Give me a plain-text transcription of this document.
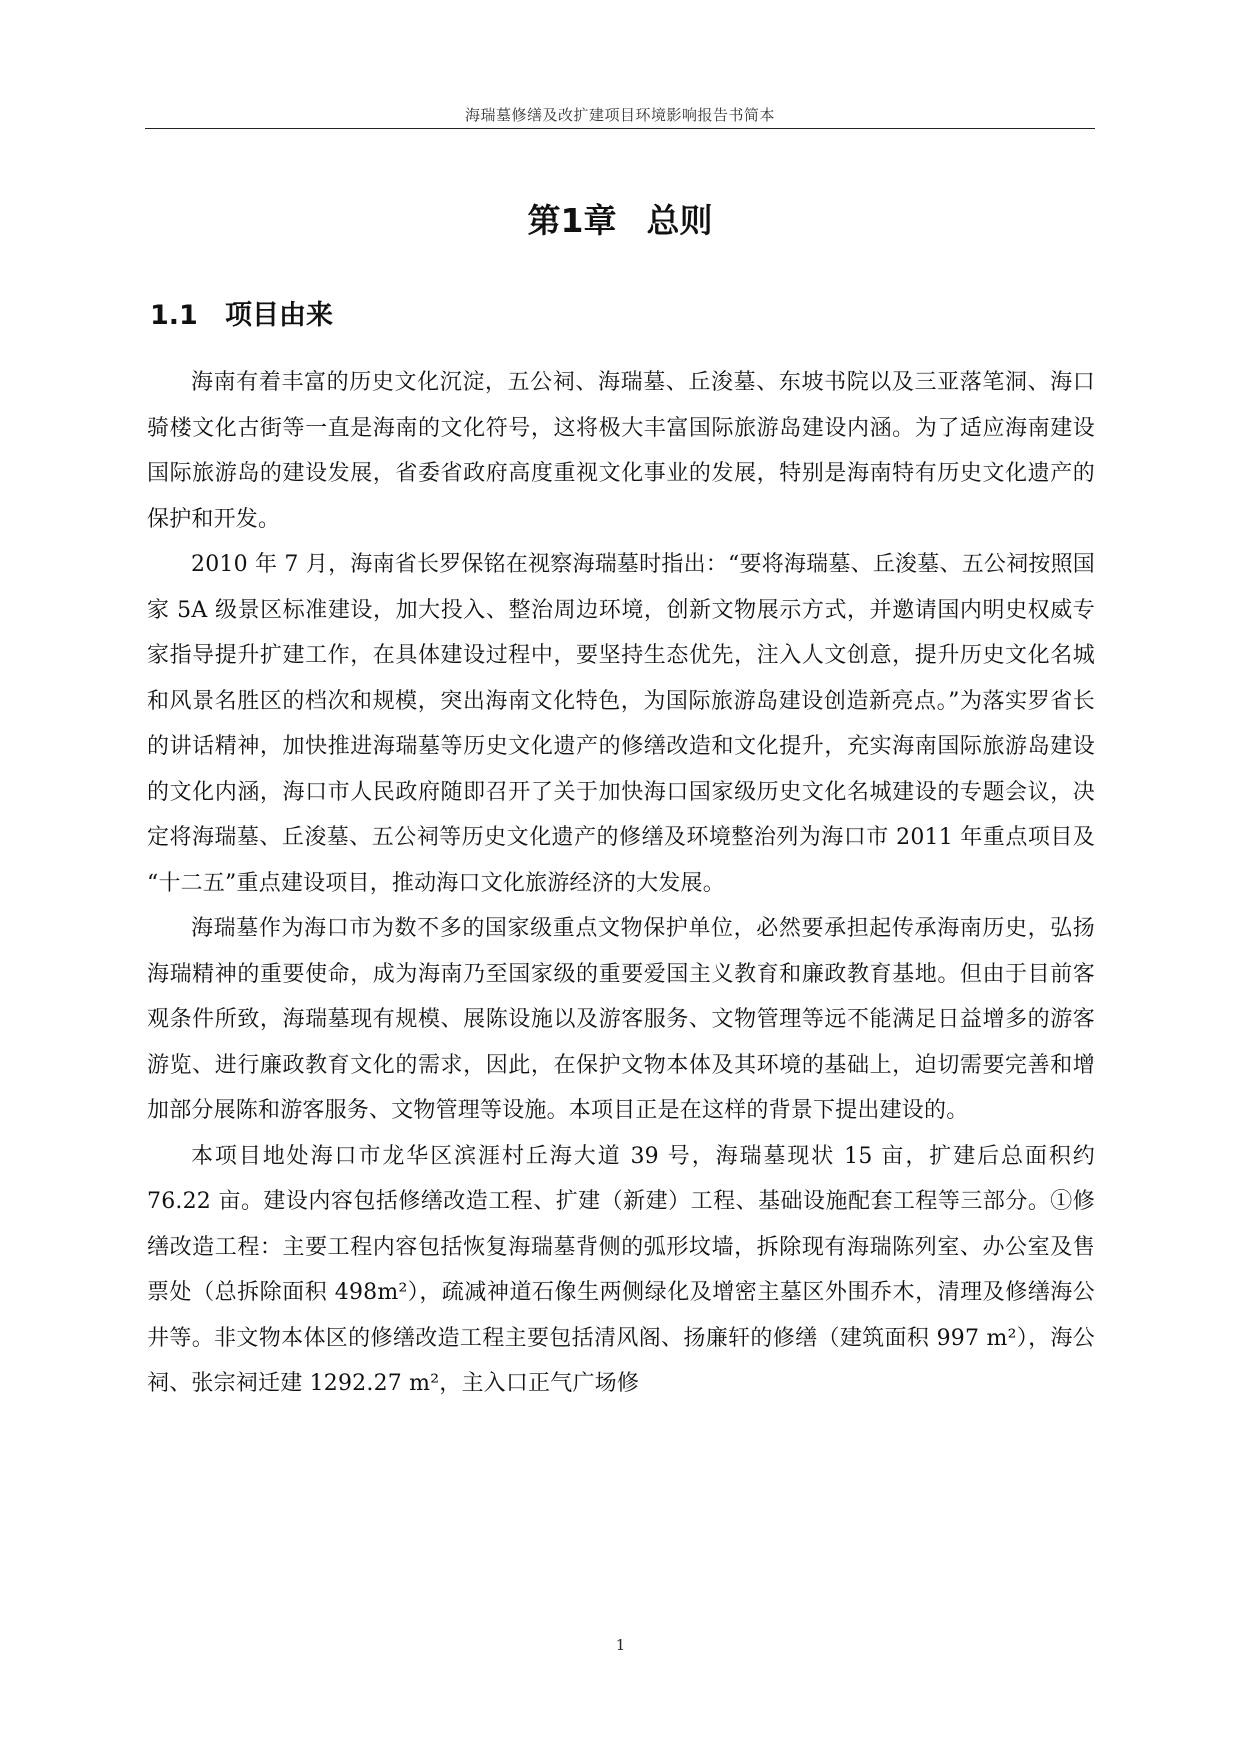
海瑞墓修缮及改扩建项目环境影响报告书简本
第1章 总则
1.1 项目由来

海南有着丰富的历史文化沉淀，五公祠、海瑞墓、丘浚墓、东坡书院以及三亚落笔洞、海口骑楼文化古街等一直是海南的文化符号，这将极大丰富国际旅游岛建设内涵。为了适应海南建设国际旅游岛的建设发展，省委省政府高度重视文化事业的发展，特别是海南特有历史文化遗产的保护和开发。

2010 年 7 月，海南省长罗保铭在视察海瑞墓时指出：“要将海瑞墓、丘浚墓、五公祠按照国家 5A 级景区标准建设，加大投入、整治周边环境，创新文物展示方式，并邀请国内明史权威专家指导提升扩建工作，在具体建设过程中，要坚持生态优先，注入人文创意，提升历史文化名城和风景名胜区的档次和规模，突出海南文化特色，为国际旅游岛建设创造新亮点。”为落实罗省长的讲话精神，加快推进海瑞墓等历史文化遗产的修缮改造和文化提升，充实海南国际旅游岛建设的文化内涵，海口市人民政府随即召开了关于加快海口国家级历史文化名城建设的专题会议，决定将海瑞墓、丘浚墓、五公祠等历史文化遗产的修缮及环境整治列为海口市 2011 年重点项目及 “十二五”重点建设项目，推动海口文化旅游经济的大发展。

海瑞墓作为海口市为数不多的国家级重点文物保护单位，必然要承担起传承海南历史，弘扬海瑞精神的重要使命，成为海南乃至国家级的重要爱国主义教育和廉政教育基地。但由于目前客观条件所致，海瑞墓现有规模、展陈设施以及游客服务、文物管理等远不能满足日益增多的游客游览、进行廉政教育文化的需求，因此，在保护文物本体及其环境的基础上，迫切需要完善和增加部分展陈和游客服务、文物管理等设施。本项目正是在这样的背景下提出建设的。

本项目地处海口市龙华区滨涯村丘海大道 39 号，海瑞墓现状 15 亩，扩建后总面积约 76.22 亩。建设内容包括修缮改造工程、扩建（新建）工程、基础设施配套工程等三部分。①修缮改造工程：主要工程内容包括恢复海瑞墓背侧的弧形坟墙，拆除现有海瑞陈列室、办公室及售票处（总拆除面积 498m²），疏减神道石像生两侧绿化及增密主墓区外围乔木，清理及修缮海公井等。非文物本体区的修缮改造工程主要包括清风阁、扬廉轩的修缮（建筑面积 997 m²），海公祠、张宗祠迁建 1292.27 m²，主入口正气广场修

1
